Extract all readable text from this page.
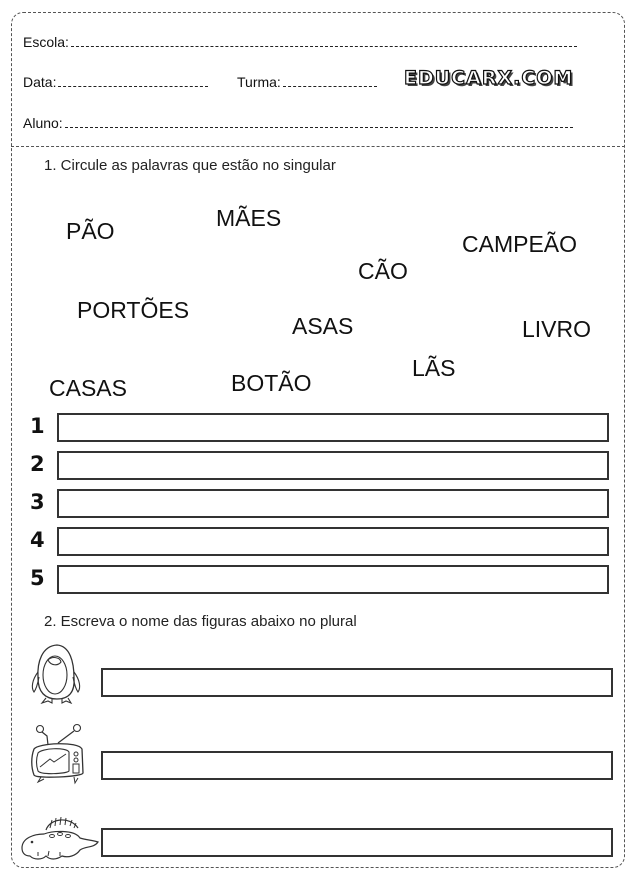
Escola:
Data:	Turma:	EDUCARX.COM
Aluno:
1. Circule as palavras que estão no singular
PÃO	MÃES
CAMPEÃO
CÃO
PORTÕES
ASAS	LIVRO
LÃS
CASAS	BOTÃO
1
2
3
4
5
2. Escreva o nome das figuras abaixo no plural
